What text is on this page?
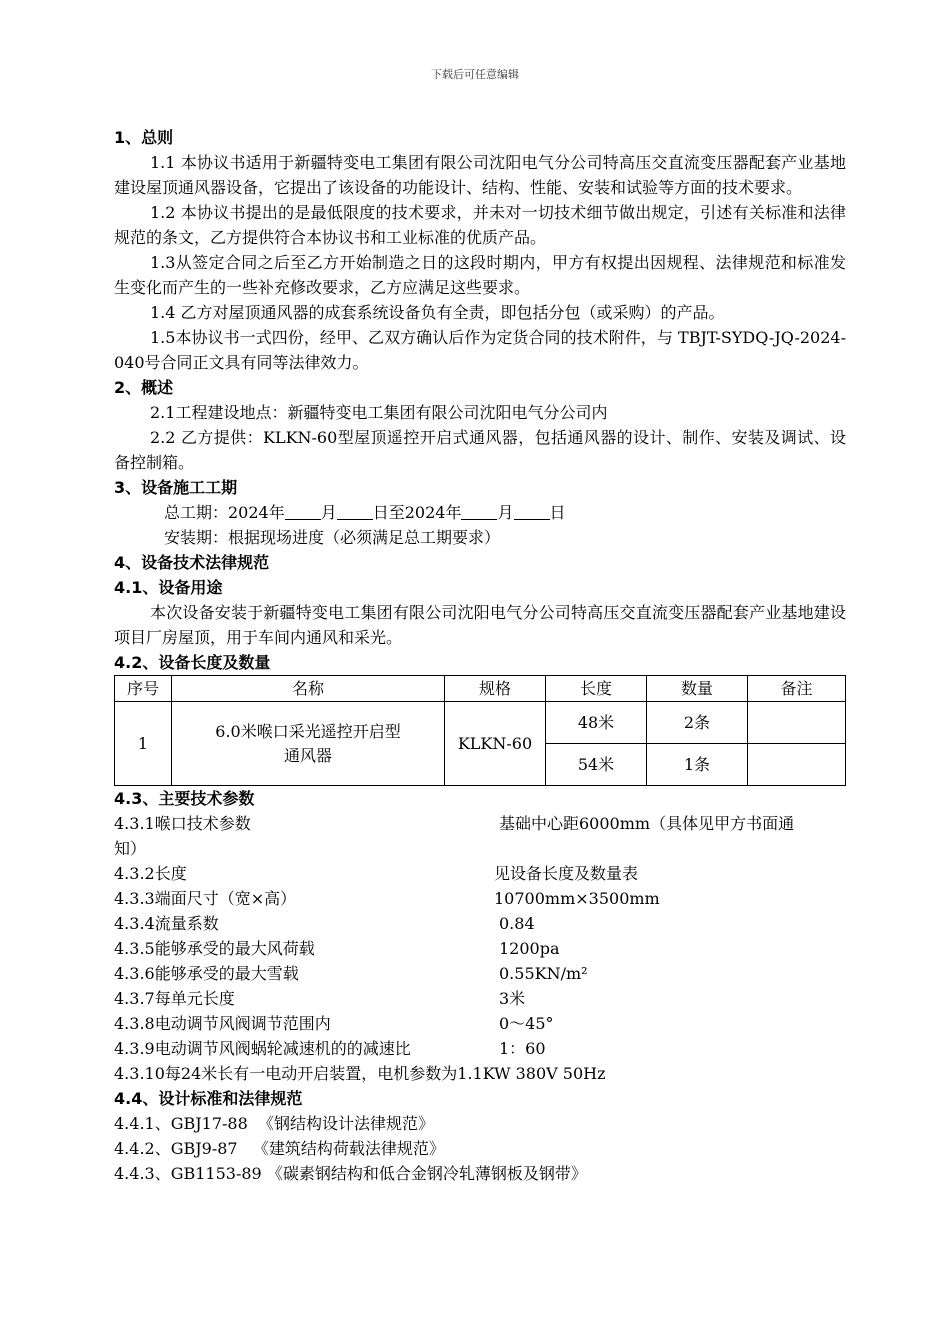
下载后可任意编辑
1、总则
1.1 本协议书适用于新疆特变电工集团有限公司沈阳电气分公司特高压交直流变压器配套产业基地建设屋顶通风器设备，它提出了该设备的功能设计、结构、性能、安装和试验等方面的技术要求。
1.2 本协议书提出的是最低限度的技术要求，并未对一切技术细节做出规定，引述有关标准和法律规范的条文，乙方提供符合本协议书和工业标准的优质产品。
1.3从签定合同之后至乙方开始制造之日的这段时期内，甲方有权提出因规程、法律规范和标准发生变化而产生的一些补充修改要求，乙方应满足这些要求。
1.4 乙方对屋顶通风器的成套系统设备负有全责，即包括分包（或采购）的产品。
1.5本协议书一式四份，经甲、乙双方确认后作为定货合同的技术附件，与 TBJT-SYDQ-JQ-2024-040号合同正文具有同等法律效力。
2、概述
2.1工程建设地点：新疆特变电工集团有限公司沈阳电气分公司内
2.2 乙方提供：KLKN-60型屋顶遥控开启式通风器，包括通风器的设计、制作、安装及调试、设备控制箱。
3、设备施工工期
总工期：2024年 月 日至2024年 月 日
安装期：根据现场进度（必须满足总工期要求）
4、设备技术法律规范
4.1、设备用途
本次设备安装于新疆特变电工集团有限公司沈阳电气分公司特高压交直流变压器配套产业基地建设项目厂房屋顶，用于车间内通风和采光。
4.2、设备长度及数量
序号	名称	规格	长度	数量	备注
1	6.0米喉口采光遥控开启型通风器	KLKN-60	48米	2条	
			54米	1条	
4.3、主要技术参数
4.3.1喉口技术参数	基础中心距6000mm（具体见甲方书面通
知）
4.3.2长度	见设备长度及数量表
4.3.3端面尺寸（宽×高）	10700mm×3500mm
4.3.4流量系数	0.84
4.3.5能够承受的最大风荷载	1200pa
4.3.6能够承受的最大雪载	0.55KN/m²
4.3.7每单元长度	3米
4.3.8电动调节风阀调节范围内	0～45°
4.3.9电动调节风阀蜗轮减速机的的减速比	1：60
4.3.10每24米长有一电动开启装置，电机参数为1.1KW 380V 50Hz
4.4、设计标准和法律规范
4.4.1、GBJ17-88  《钢结构设计法律规范》
4.4.2、GBJ9-87   《建筑结构荷载法律规范》
4.4.3、GB1153-89 《碳素钢结构和低合金钢冷轧薄钢板及钢带》
